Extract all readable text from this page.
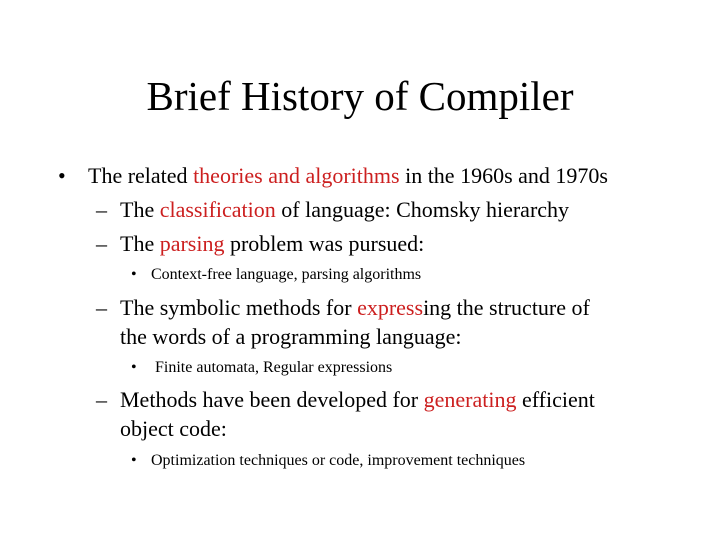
Brief History of Compiler
• The related theories and algorithms in the 1960s and 1970s
– The classification of language: Chomsky hierarchy
– The parsing problem was pursued:
• Context-free language, parsing algorithms
– The symbolic methods for expressing the structure of
the words of a programming language:
• Finite automata, Regular expressions
– Methods have been developed for generating efficient
object code:
• Optimization techniques or code, improvement techniques
